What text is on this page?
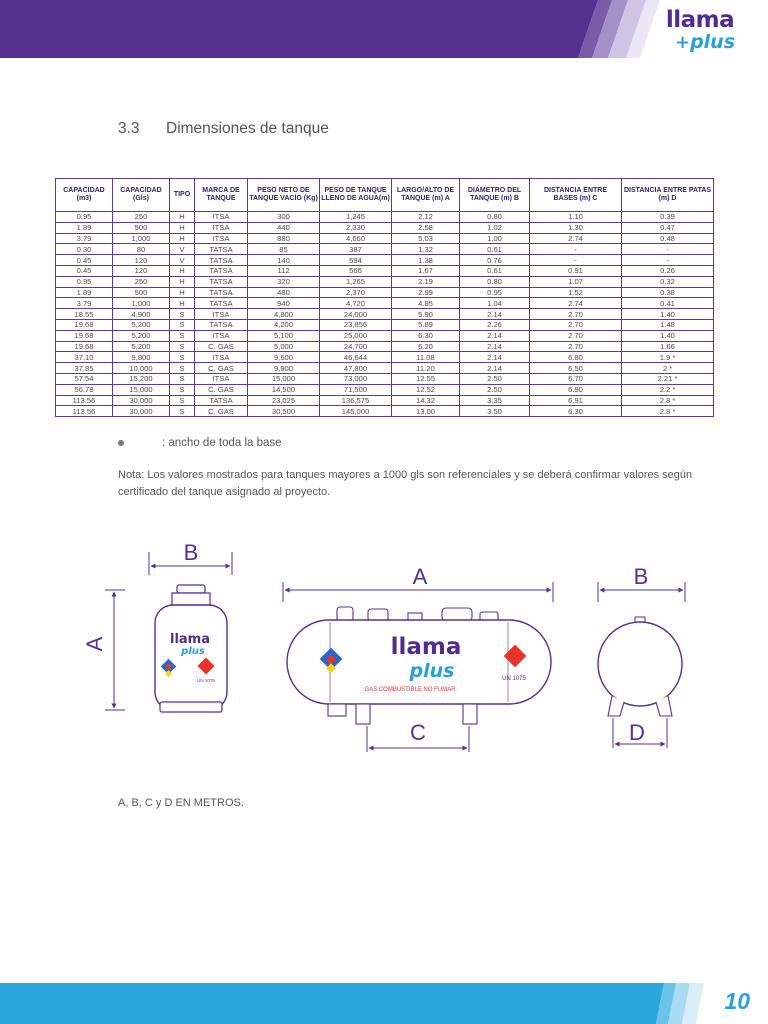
llama
+plus
3.3 Dimensiones de tanque
CAPACIDAD (m3)	CAPACIDAD (Gls)	TIPO	MARCA DE TANQUE	PESO NETO DE TANQUE VACÍO (Kg)	PESO DE TANQUE LLENO DE AGUA(m)	LARGO/ALTO DE TANQUE (m) A	DIÁMETRO DEL TANQUE (m) B	DISTANCIA ENTRE BASES (m) C	DISTANCIA ENTRE PATAS (m) D
0.95	250	H	ITSA	300	1,245	2.12	0.80	1.10	0.39
1.89	500	H	ITSA	440	2,330	2.58	1.02	1.30	0.47
3.79	1,000	H	ITSA	880	4,660	5.03	1.00	2.74	0.48
0.30	80	V	TATSA	85	387	1.32	0.61	-	-
0.45	120	V	TATSA	140	594	1.38	0.76	-	-
0.45	120	H	TATSA	112	566	1.67	0.61	0.91	0.26
0.95	250	H	TATSA	320	1,265	2.19	0.80	1.07	0.32
1.89	500	H	TATSA	480	2,370	2.99	0.95	1.52	0.38
3.79	1,000	H	TATSA	940	4,720	4.85	1.04	2.74	0.41
18.55	4,900	S	ITSA	4,800	24,000	5.90	2.14	2.70	1.40
19.68	5,200	S	TATSA	4,200	23,856	5.89	2.26	2.70	1.48
19.68	5,200	S	ITSA	5,100	25,000	6.30	2.14	2.70	1.40
19.68	5,200	S	C. GAS	5,000	24,700	6.20	2.14	2.70	1.66
37.10	9,800	S	ITSA	9,600	46,644	11.08	2.14	6.80	1.9 *
37.85	10,000	S	C. GAS	9,900	47,800	11.20	2.14	6.50	2 *
57.54	15,200	S	ITSA	15,000	73,000	12.55	2.50	6.70	2.21 *
56.78	15,000	S	C. GAS	14,500	71,500	12.52	2.50	6.90	2.2 *
113.56	30,000	S	TATSA	23,025	136,575	14.32	3.35	6.91	2.8 *
113.56	30,000	S	C. GAS	30,500	145,000	13.00	3.50	6.30	2.8 *
: ancho de toda la base
Nota: Los valores mostrados para tanques mayores a 1000 gls son referenciales y se deberá confirmar valores según certificado del tanque asignado al proyecto.
B
A	llama
plus
UN 1075
A
llama
plus
GAS COMBUSTIBLE NO FUMAR
UN 1075
C
B
D
A, B, C y D EN METROS.
10
